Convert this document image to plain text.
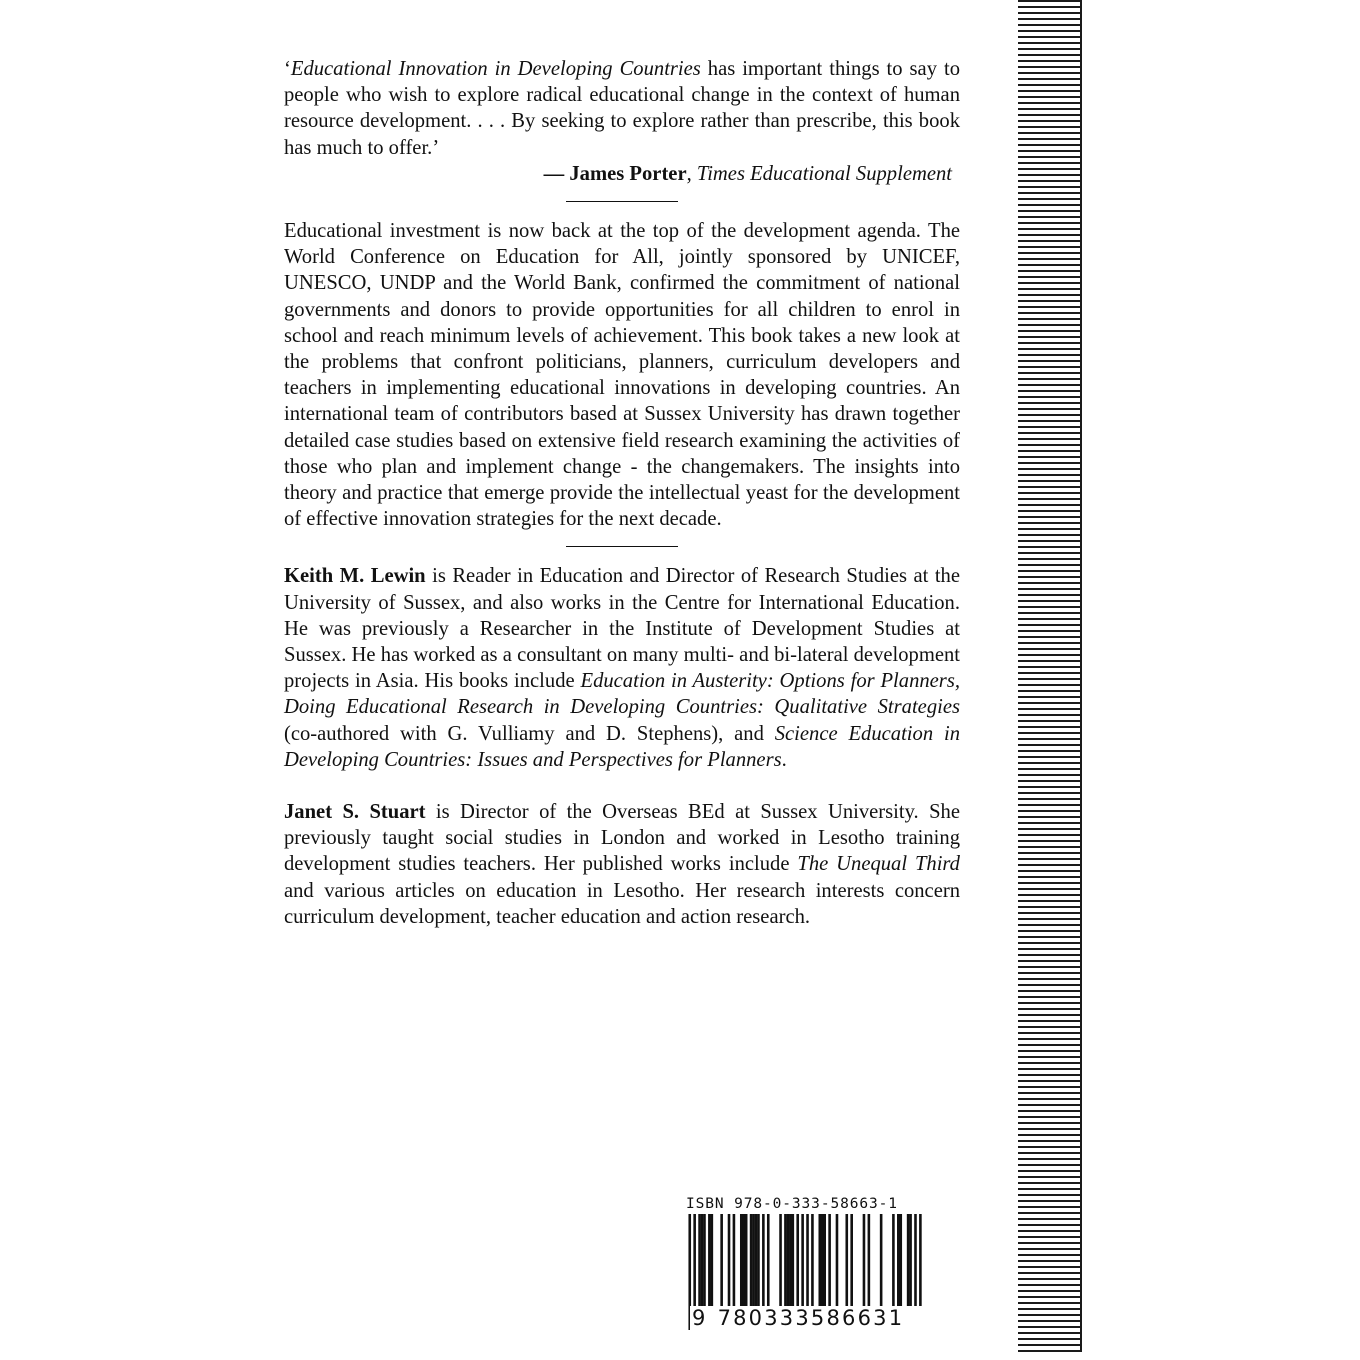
‘Educational Innovation in Developing Countries has important things to say to people who wish to explore radical educational change in the context of human resource development. . . . By seeking to explore rather than prescribe, this book has much to offer.’

— James Porter, Times Educational Supplement

Educational investment is now back at the top of the development agenda. The World Conference on Education for All, jointly sponsored by UNICEF, UNESCO, UNDP and the World Bank, confirmed the commitment of national governments and donors to provide opportunities for all children to enrol in school and reach minimum levels of achievement. This book takes a new look at the problems that confront politicians, planners, curriculum developers and teachers in implementing educational innovations in developing countries. An international team of contributors based at Sussex University has drawn together detailed case studies based on extensive field research examining the activities of those who plan and implement change - the changemakers. The insights into theory and practice that emerge provide the intellectual yeast for the development of effective innovation strategies for the next decade.

Keith M. Lewin is Reader in Education and Director of Research Studies at the University of Sussex, and also works in the Centre for International Education. He was previously a Researcher in the Institute of Development Studies at Sussex. He has worked as a consultant on many multi- and bi-lateral development projects in Asia. His books include Education in Austerity: Options for Planners, Doing Educational Research in Developing Countries: Qualitative Strategies (co-authored with G. Vulliamy and D. Stephens), and Science Education in Developing Countries: Issues and Perspectives for Planners.

Janet S. Stuart is Director of the Overseas BEd at Sussex University. She previously taught social studies in London and worked in Lesotho training development studies teachers. Her published works include The Unequal Third and various articles on education in Lesotho. Her research interests concern curriculum development, teacher education and action research.

ISBN 978-0-333-58663-1
9 780333586631
